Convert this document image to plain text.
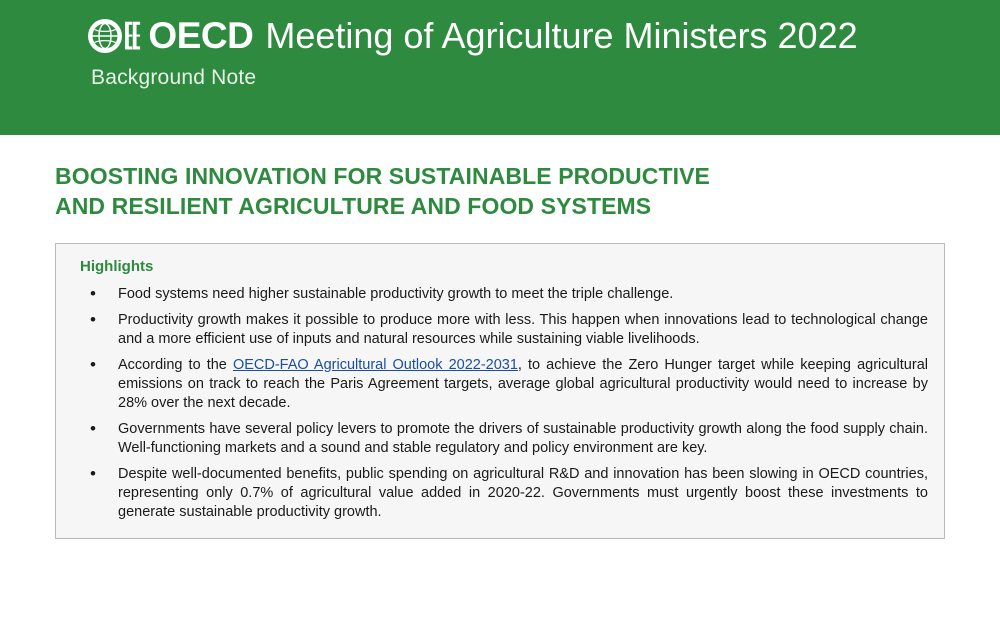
⁅⁅ OECD Meeting of Agriculture Ministers 2022
Background Note
BOOSTING INNOVATION FOR SUSTAINABLE PRODUCTIVE
AND RESILIENT AGRICULTURE AND FOOD SYSTEMS
Highlights
• Food systems need higher sustainable productivity growth to meet the triple challenge.
• Productivity growth makes it possible to produce more with less. This happen when innovations lead to technological change and a more efficient use of inputs and natural resources while sustaining viable livelihoods.
• According to the OECD-FAO Agricultural Outlook 2022-2031, to achieve the Zero Hunger target while keeping agricultural emissions on track to reach the Paris Agreement targets, average global agricultural productivity would need to increase by 28% over the next decade.
• Governments have several policy levers to promote the drivers of sustainable productivity growth along the food supply chain. Well-functioning markets and a sound and stable regulatory and policy environment are key.
• Despite well-documented benefits, public spending on agricultural R&D and innovation has been slowing in OECD countries, representing only 0.7% of agricultural value added in 2020-22. Governments must urgently boost these investments to generate sustainable productivity growth.
